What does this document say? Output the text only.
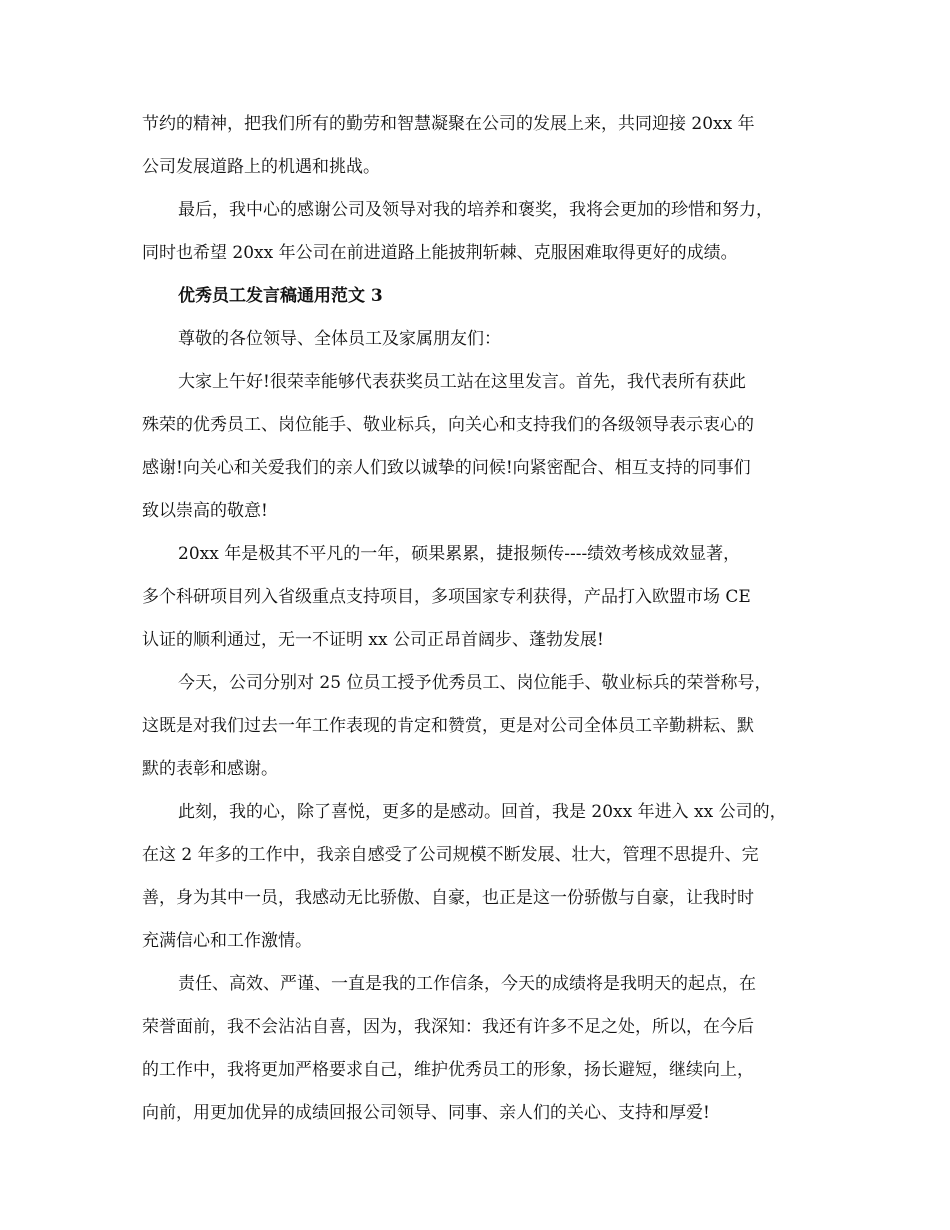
节约的精神，把我们所有的勤劳和智慧凝聚在公司的发展上来，共同迎接 20xx 年
公司发展道路上的机遇和挑战。
最后，我中心的感谢公司及领导对我的培养和褒奖，我将会更加的珍惜和努力，
同时也希望 20xx 年公司在前进道路上能披荆斩棘、克服困难取得更好的成绩。
优秀员工发言稿通用范文 3
尊敬的各位领导、全体员工及家属朋友们：
大家上午好!很荣幸能够代表获奖员工站在这里发言。首先，我代表所有获此
殊荣的优秀员工、岗位能手、敬业标兵，向关心和支持我们的各级领导表示衷心的
感谢!向关心和关爱我们的亲人们致以诚挚的问候!向紧密配合、相互支持的同事们
致以崇高的敬意!
20xx 年是极其不平凡的一年，硕果累累，捷报频传----绩效考核成效显著，
多个科研项目列入省级重点支持项目，多项国家专利获得，产品打入欧盟市场 CE
认证的顺利通过，无一不证明 xx 公司正昂首阔步、蓬勃发展!
今天，公司分别对 25 位员工授予优秀员工、岗位能手、敬业标兵的荣誉称号，
这既是对我们过去一年工作表现的肯定和赞赏，更是对公司全体员工辛勤耕耘、默
默的表彰和感谢。
此刻，我的心，除了喜悦，更多的是感动。回首，我是 20xx 年进入 xx 公司的，
在这 2 年多的工作中，我亲自感受了公司规模不断发展、壮大，管理不思提升、完
善，身为其中一员，我感动无比骄傲、自豪，也正是这一份骄傲与自豪，让我时时
充满信心和工作激情。
责任、高效、严谨、一直是我的工作信条，今天的成绩将是我明天的起点，在
荣誉面前，我不会沾沾自喜，因为，我深知：我还有许多不足之处，所以，在今后
的工作中，我将更加严格要求自己，维护优秀员工的形象，扬长避短，继续向上，
向前，用更加优异的成绩回报公司领导、同事、亲人们的关心、支持和厚爱!
